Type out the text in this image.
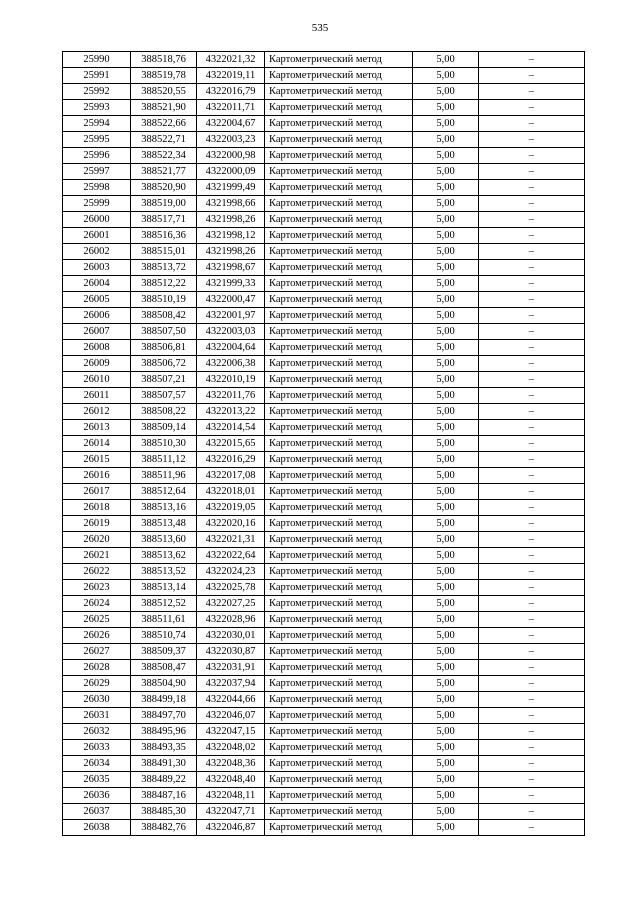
535
25990	388518,76	4322021,32	Картометрический метод	5,00	–
25991	388519,78	4322019,11	Картометрический метод	5,00	–
25992	388520,55	4322016,79	Картометрический метод	5,00	–
25993	388521,90	4322011,71	Картометрический метод	5,00	–
25994	388522,66	4322004,67	Картометрический метод	5,00	–
25995	388522,71	4322003,23	Картометрический метод	5,00	–
25996	388522,34	4322000,98	Картометрический метод	5,00	–
25997	388521,77	4322000,09	Картометрический метод	5,00	–
25998	388520,90	4321999,49	Картометрический метод	5,00	–
25999	388519,00	4321998,66	Картометрический метод	5,00	–
26000	388517,71	4321998,26	Картометрический метод	5,00	–
26001	388516,36	4321998,12	Картометрический метод	5,00	–
26002	388515,01	4321998,26	Картометрический метод	5,00	–
26003	388513,72	4321998,67	Картометрический метод	5,00	–
26004	388512,22	4321999,33	Картометрический метод	5,00	–
26005	388510,19	4322000,47	Картометрический метод	5,00	–
26006	388508,42	4322001,97	Картометрический метод	5,00	–
26007	388507,50	4322003,03	Картометрический метод	5,00	–
26008	388506,81	4322004,64	Картометрический метод	5,00	–
26009	388506,72	4322006,38	Картометрический метод	5,00	–
26010	388507,21	4322010,19	Картометрический метод	5,00	–
26011	388507,57	4322011,76	Картометрический метод	5,00	–
26012	388508,22	4322013,22	Картометрический метод	5,00	–
26013	388509,14	4322014,54	Картометрический метод	5,00	–
26014	388510,30	4322015,65	Картометрический метод	5,00	–
26015	388511,12	4322016,29	Картометрический метод	5,00	–
26016	388511,96	4322017,08	Картометрический метод	5,00	–
26017	388512,64	4322018,01	Картометрический метод	5,00	–
26018	388513,16	4322019,05	Картометрический метод	5,00	–
26019	388513,48	4322020,16	Картометрический метод	5,00	–
26020	388513,60	4322021,31	Картометрический метод	5,00	–
26021	388513,62	4322022,64	Картометрический метод	5,00	–
26022	388513,52	4322024,23	Картометрический метод	5,00	–
26023	388513,14	4322025,78	Картометрический метод	5,00	–
26024	388512,52	4322027,25	Картометрический метод	5,00	–
26025	388511,61	4322028,96	Картометрический метод	5,00	–
26026	388510,74	4322030,01	Картометрический метод	5,00	–
26027	388509,37	4322030,87	Картометрический метод	5,00	–
26028	388508,47	4322031,91	Картометрический метод	5,00	–
26029	388504,90	4322037,94	Картометрический метод	5,00	–
26030	388499,18	4322044,66	Картометрический метод	5,00	–
26031	388497,70	4322046,07	Картометрический метод	5,00	–
26032	388495,96	4322047,15	Картометрический метод	5,00	–
26033	388493,35	4322048,02	Картометрический метод	5,00	–
26034	388491,30	4322048,36	Картометрический метод	5,00	–
26035	388489,22	4322048,40	Картометрический метод	5,00	–
26036	388487,16	4322048,11	Картометрический метод	5,00	–
26037	388485,30	4322047,71	Картометрический метод	5,00	–
26038	388482,76	4322046,87	Картометрический метод	5,00	–
